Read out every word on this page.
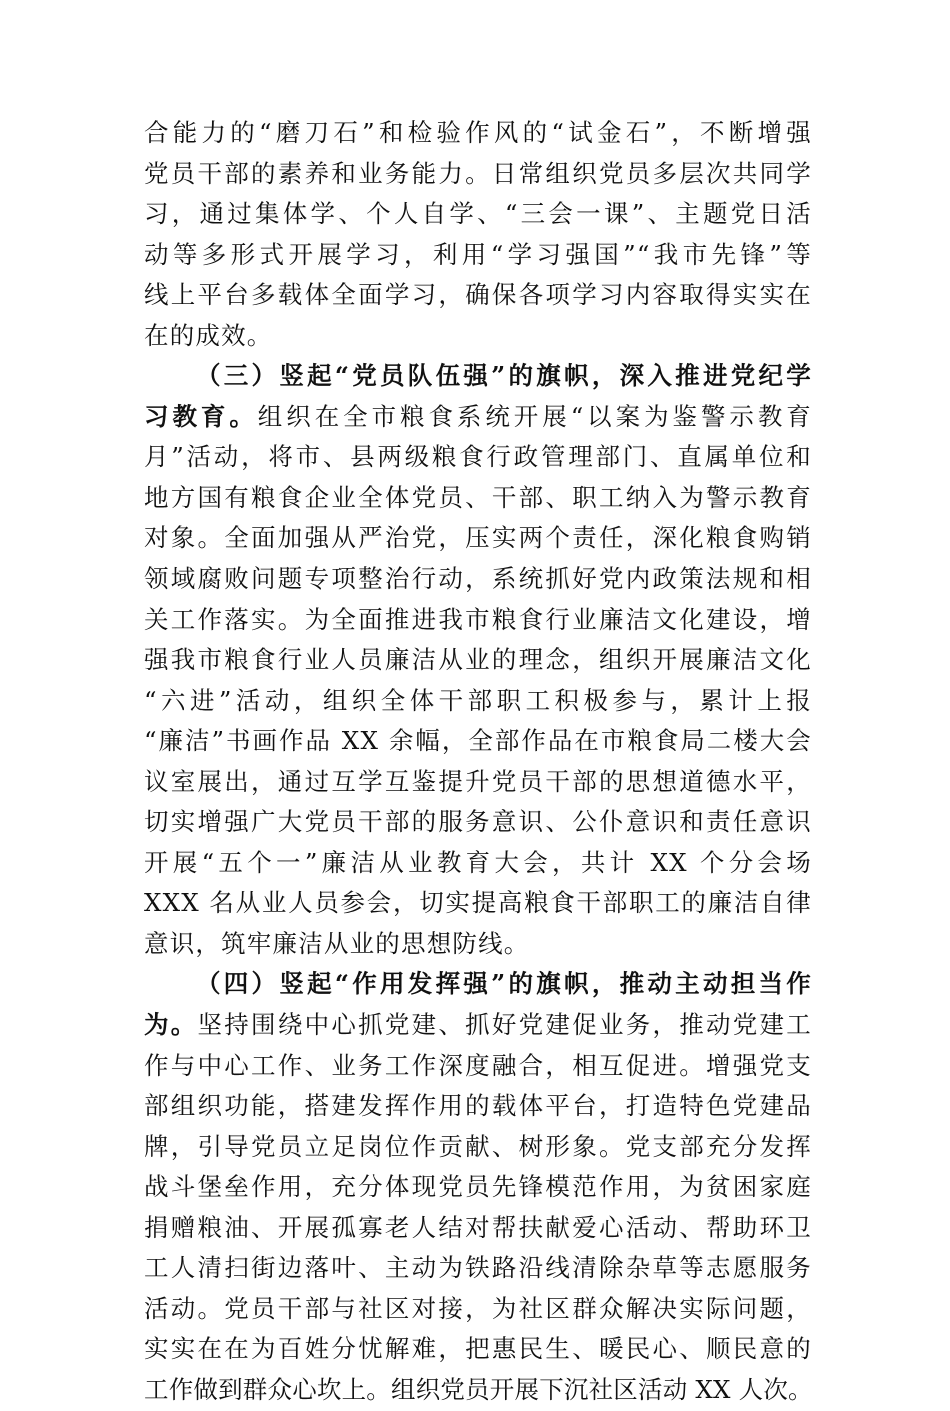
合能力的“磨刀石”和检验作风的“试金石”，不断增强
党员干部的素养和业务能力。日常组织党员多层次共同学
习，通过集体学、个人自学、“三会一课”、主题党日活
动等多形式开展学习，利用“学习强国”“我市先锋”等
线上平台多载体全面学习，确保各项学习内容取得实实在
在的成效。
（三）竖起“党员队伍强”的旗帜，深入推进党纪学
习教育。组织在全市粮食系统开展“以案为鉴警示教育
月”活动，将市、县两级粮食行政管理部门、直属单位和
地方国有粮食企业全体党员、干部、职工纳入为警示教育
对象。全面加强从严治党，压实两个责任，深化粮食购销
领域腐败问题专项整治行动，系统抓好党内政策法规和相
关工作落实。为全面推进我市粮食行业廉洁文化建设，增
强我市粮食行业人员廉洁从业的理念，组织开展廉洁文化
“六进”活动，组织全体干部职工积极参与，累计上报
“廉洁”书画作品 XX 余幅，全部作品在市粮食局二楼大会
议室展出，通过互学互鉴提升党员干部的思想道德水平，
切实增强广大党员干部的服务意识、公仆意识和责任意识
开展“五个一”廉洁从业教育大会，共计 XX 个分会场
XXX 名从业人员参会，切实提高粮食干部职工的廉洁自律
意识，筑牢廉洁从业的思想防线。
（四）竖起“作用发挥强”的旗帜，推动主动担当作
为。坚持围绕中心抓党建、抓好党建促业务，推动党建工
作与中心工作、业务工作深度融合，相互促进。增强党支
部组织功能，搭建发挥作用的载体平台，打造特色党建品
牌，引导党员立足岗位作贡献、树形象。党支部充分发挥
战斗堡垒作用，充分体现党员先锋模范作用，为贫困家庭
捐赠粮油、开展孤寡老人结对帮扶献爱心活动、帮助环卫
工人清扫街边落叶、主动为铁路沿线清除杂草等志愿服务
活动。党员干部与社区对接，为社区群众解决实际问题，
实实在在为百姓分忧解难，把惠民生、暖民心、顺民意的
工作做到群众心坎上。组织党员开展下沉社区活动 XX 人次。
